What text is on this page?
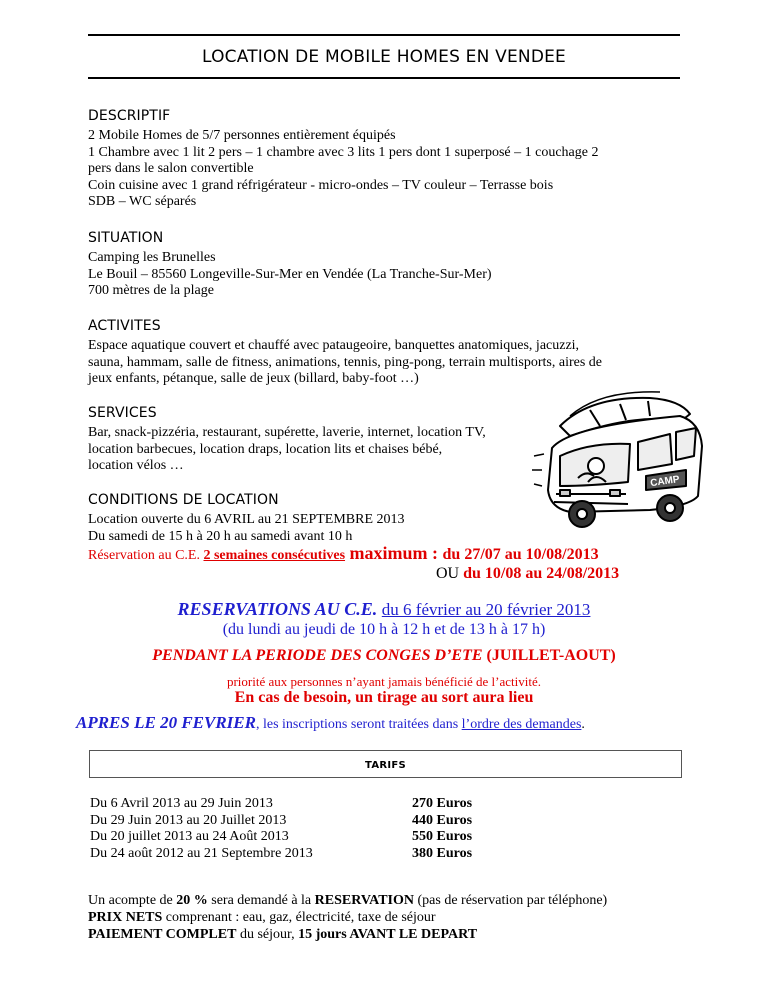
LOCATION DE MOBILE HOMES EN VENDEE
DESCRIPTIF
2 Mobile Homes de 5/7 personnes entièrement équipés
1 Chambre avec 1 lit 2 pers – 1 chambre avec 3 lits 1 pers dont 1 superposé – 1 couchage 2
pers dans le salon convertible
Coin cuisine avec 1 grand réfrigérateur - micro-ondes – TV couleur – Terrasse bois
SDB – WC séparés
SITUATION
Camping les Brunelles
Le Bouil – 85560 Longeville-Sur-Mer en Vendée (La Tranche-Sur-Mer)
700 mètres de la plage
ACTIVITES
Espace aquatique couvert et chauffé avec pataugeoire, banquettes anatomiques, jacuzzi,
sauna, hammam, salle de fitness, animations, tennis, ping-pong, terrain multisports, aires de
jeux enfants, pétanque, salle de jeux (billard, baby-foot …)
SERVICES
Bar, snack-pizzéria, restaurant, supérette, laverie, internet, location TV,
location barbecues, location draps, location lits et chaises bébé,
location vélos …
CAMP
CONDITIONS DE LOCATION
Location ouverte du 6 AVRIL au 21 SEPTEMBRE 2013
Du samedi de 15 h à 20 h au samedi avant 10 h
Réservation au C.E. 2 semaines consécutives maximum : du 27/07 au 10/08/2013
OU du 10/08 au 24/08/2013
RESERVATIONS AU C.E. du 6 février au 20 février 2013
(du lundi au jeudi de 10 h à 12 h et de 13 h à 17 h)
PENDANT LA PERIODE DES CONGES D’ETE (JUILLET-AOUT)
priorité aux personnes n’ayant jamais bénéficié de l’activité.
En cas de besoin, un tirage au sort aura lieu
APRES LE 20 FEVRIER, les inscriptions seront traitées dans l’ordre des demandes.
TARIFS
Du 6 Avril 2013 au 29 Juin 2013
Du 29 Juin 2013 au 20 Juillet 2013
Du 20 juillet 2013 au 24 Août 2013
Du 24 août 2012 au 21 Septembre 2013
270 Euros
440 Euros
550 Euros
380 Euros
Un acompte de 20 % sera demandé à la RESERVATION (pas de réservation par téléphone)
PRIX NETS comprenant : eau, gaz, électricité, taxe de séjour
PAIEMENT COMPLET du séjour, 15 jours AVANT LE DEPART
